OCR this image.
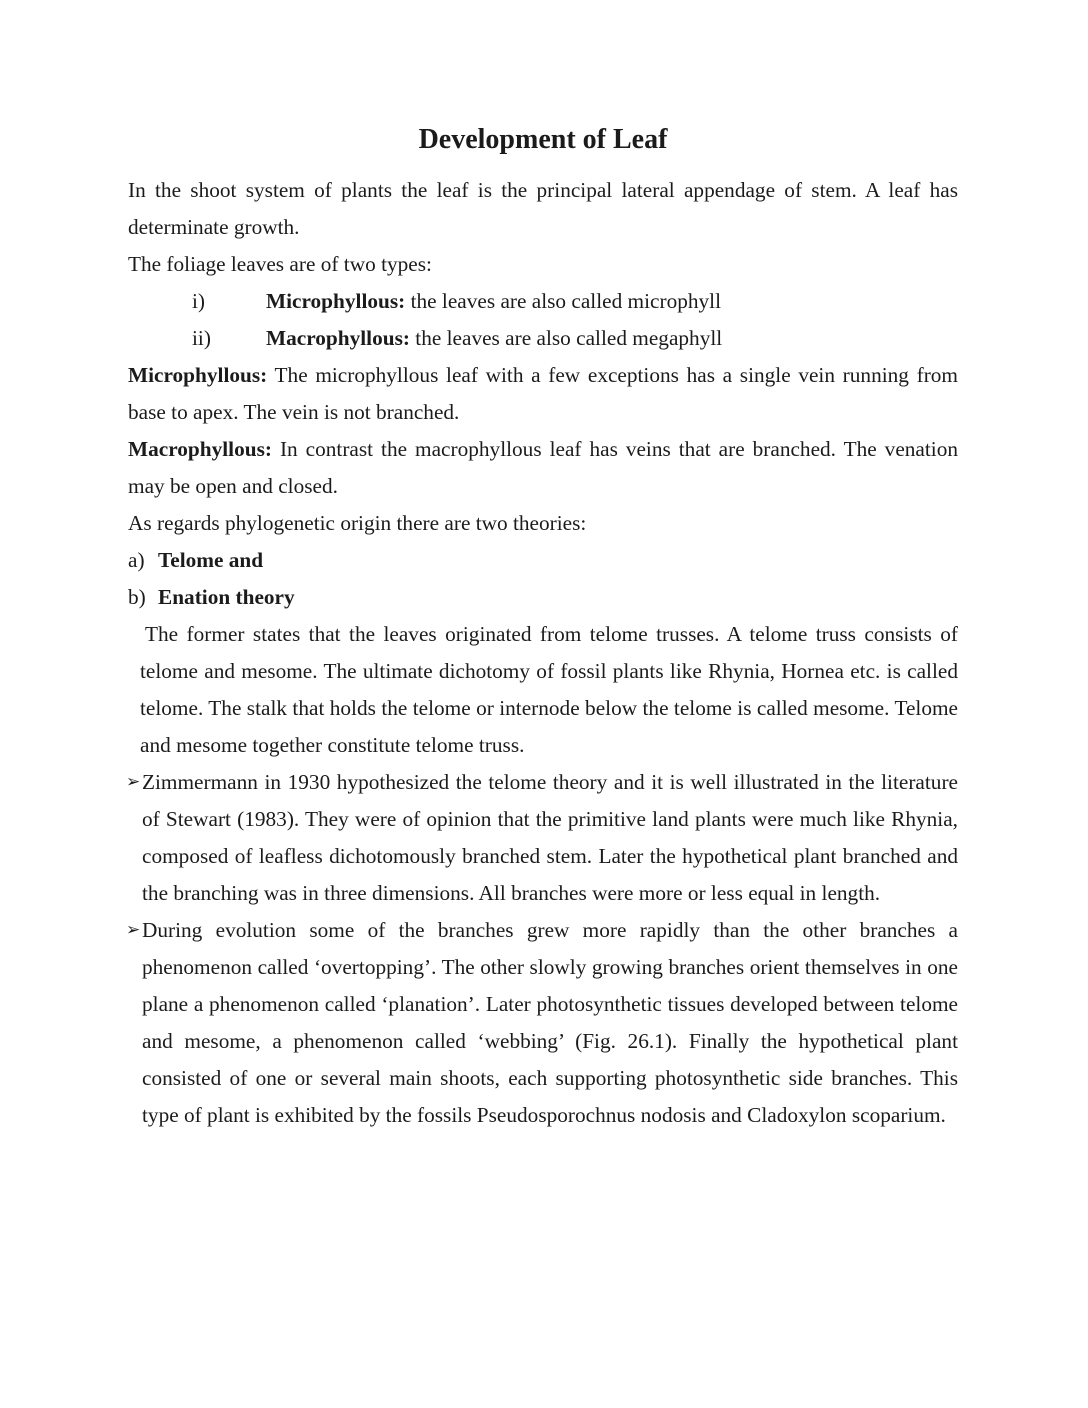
Development of Leaf

In the shoot system of plants the leaf is the principal lateral appendage of stem. A leaf has determinate growth.

The foliage leaves are of two types:

i)	Microphyllous: the leaves are also called microphyll

ii)	Macrophyllous: the leaves are also called megaphyll

Microphyllous: The microphyllous leaf with a few exceptions has a single vein running from base to apex. The vein is not branched.

Macrophyllous: In contrast the macrophyllous leaf has veins that are branched. The venation may be open and closed.

As regards phylogenetic origin there are two theories:

a) Telome and

b) Enation theory

The former states that the leaves originated from telome trusses. A telome truss consists of telome and mesome. The ultimate dichotomy of fossil plants like Rhynia, Hornea etc. is called telome. The stalk that holds the telome or internode below the telome is called mesome. Telome and mesome together constitute telome truss.

➢ Zimmermann in 1930 hypothesized the telome theory and it is well illustrated in the literature of Stewart (1983). They were of opinion that the primitive land plants were much like Rhynia, composed of leafless dichotomously branched stem. Later the hypothetical plant branched and the branching was in three dimensions. All branches were more or less equal in length.

➢ During evolution some of the branches grew more rapidly than the other branches a phenomenon called ‘overtopping’. The other slowly growing branches orient themselves in one plane a phenomenon called ‘planation’. Later photosynthetic tissues developed between telome and mesome, a phenomenon called ‘webbing’ (Fig. 26.1). Finally the hypothetical plant consisted of one or several main shoots, each supporting photosynthetic side branches. This type of plant is exhibited by the fossils Pseudosporochnus nodosis and Cladoxylon scoparium.
